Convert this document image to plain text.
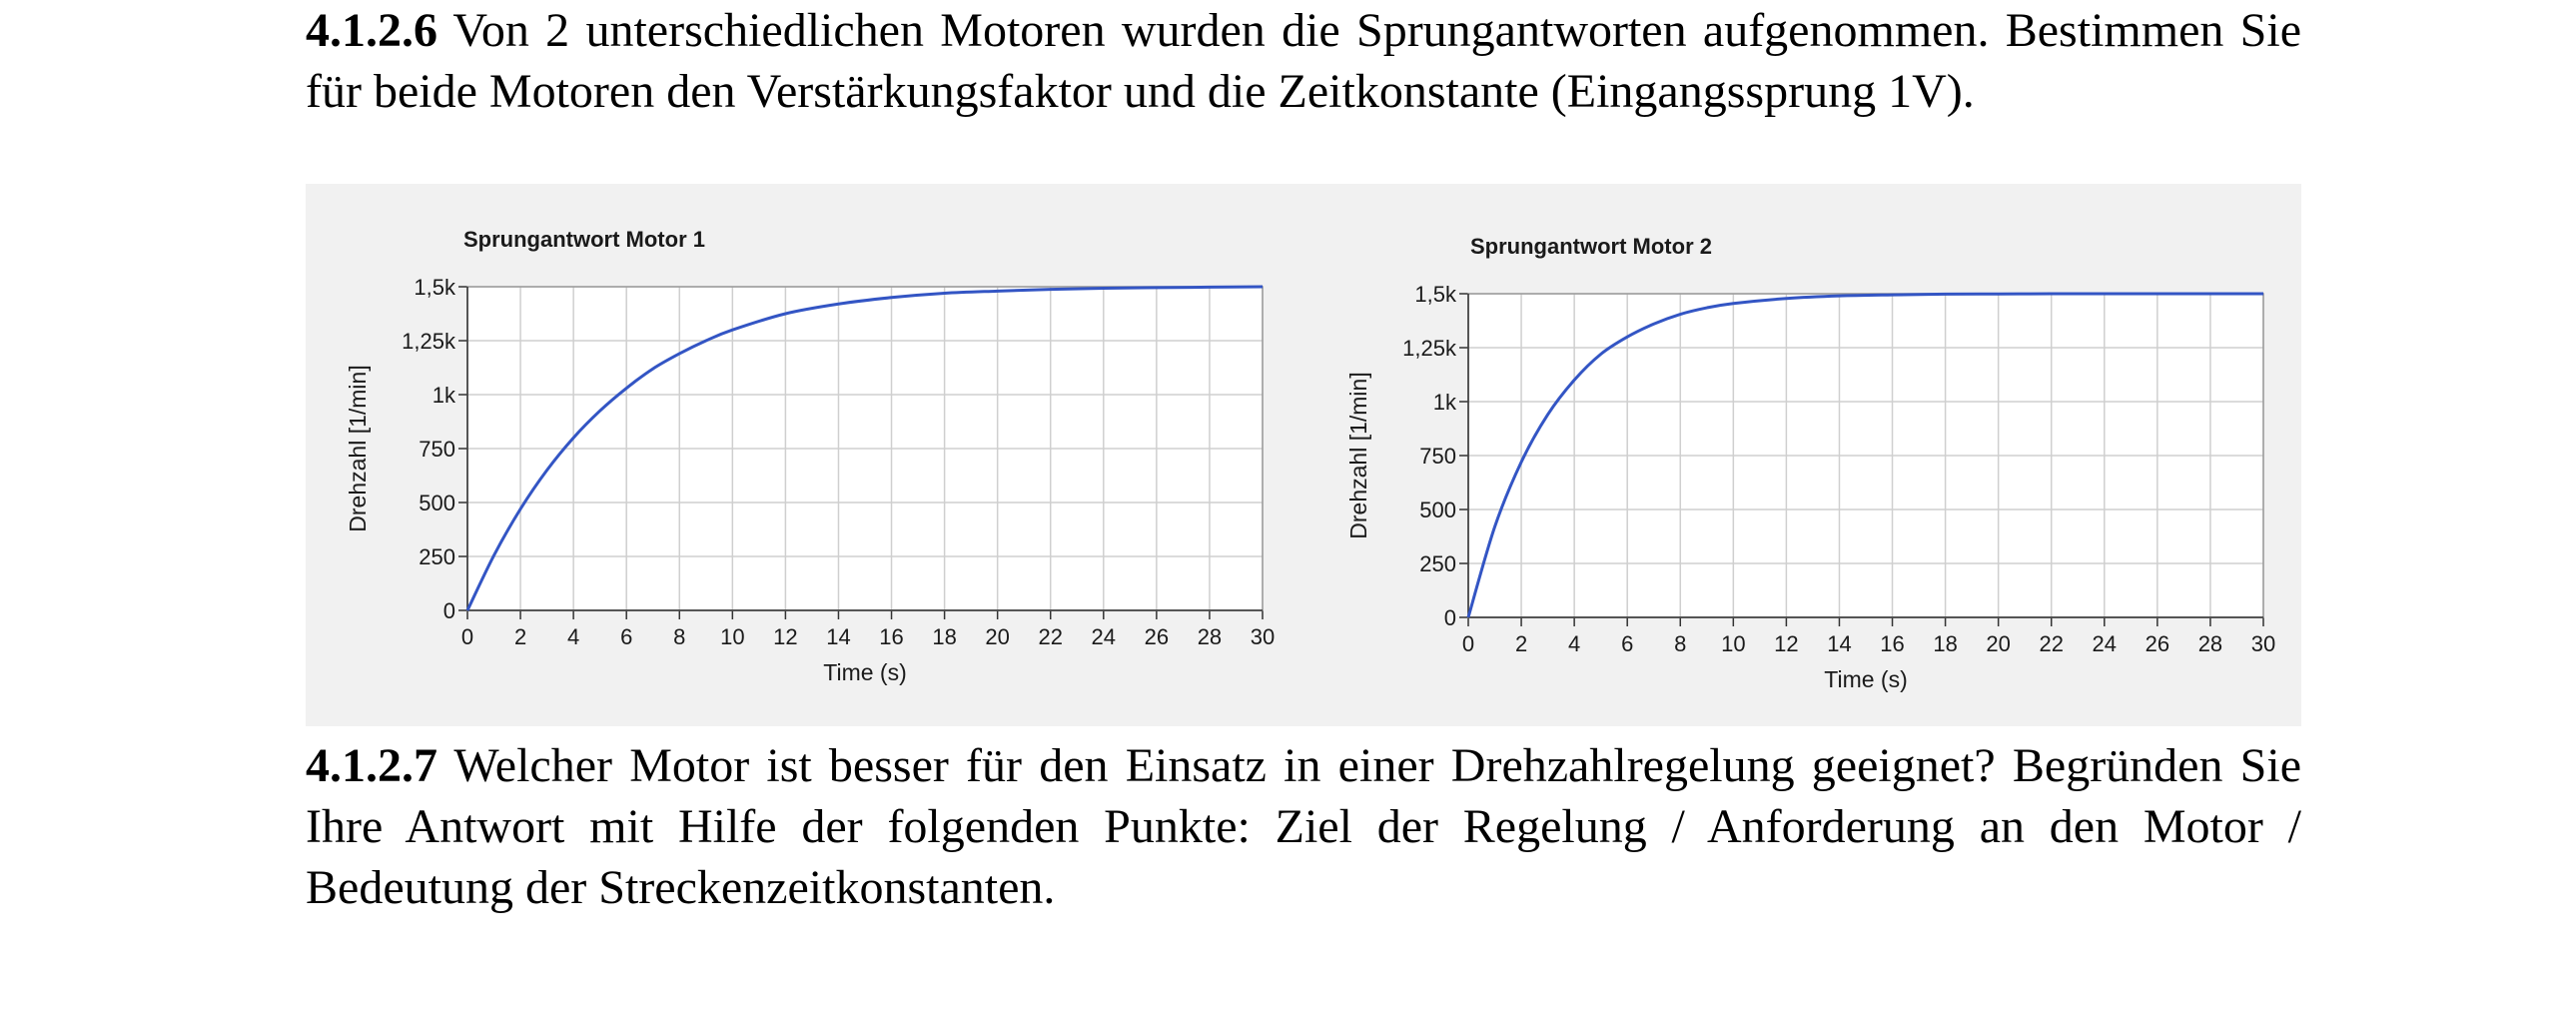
4.1.2.6 Von 2 unterschiedlichen Motoren wurden die Sprungantworten aufgenommen. Bestimmen Sie für beide Motoren den Verstärkungsfaktor und die Zeitkonstante (Eingangssprung 1V).

0 2 4 6 8 10 12 14 16 18 20 22 24 26 28 30
0
250
500
750
1k
1,25k
1,5k
Sprungantwort Motor 1
Time (s)
Drehzahl [1/min]
0 2 4 6 8 10 12 14 16 18 20 22 24 26 28 30
0
250
500
750
1k
1,25k
1,5k
Sprungantwort Motor 2
Time (s)
Drehzahl [1/min]

4.1.2.7 Welcher Motor ist besser für den Einsatz in einer Drehzahlregelung geeignet? Begründen Sie Ihre Antwort mit Hilfe der folgenden Punkte: Ziel der Regelung / Anforderung an den Motor / Bedeutung der Streckenzeitkonstanten.
